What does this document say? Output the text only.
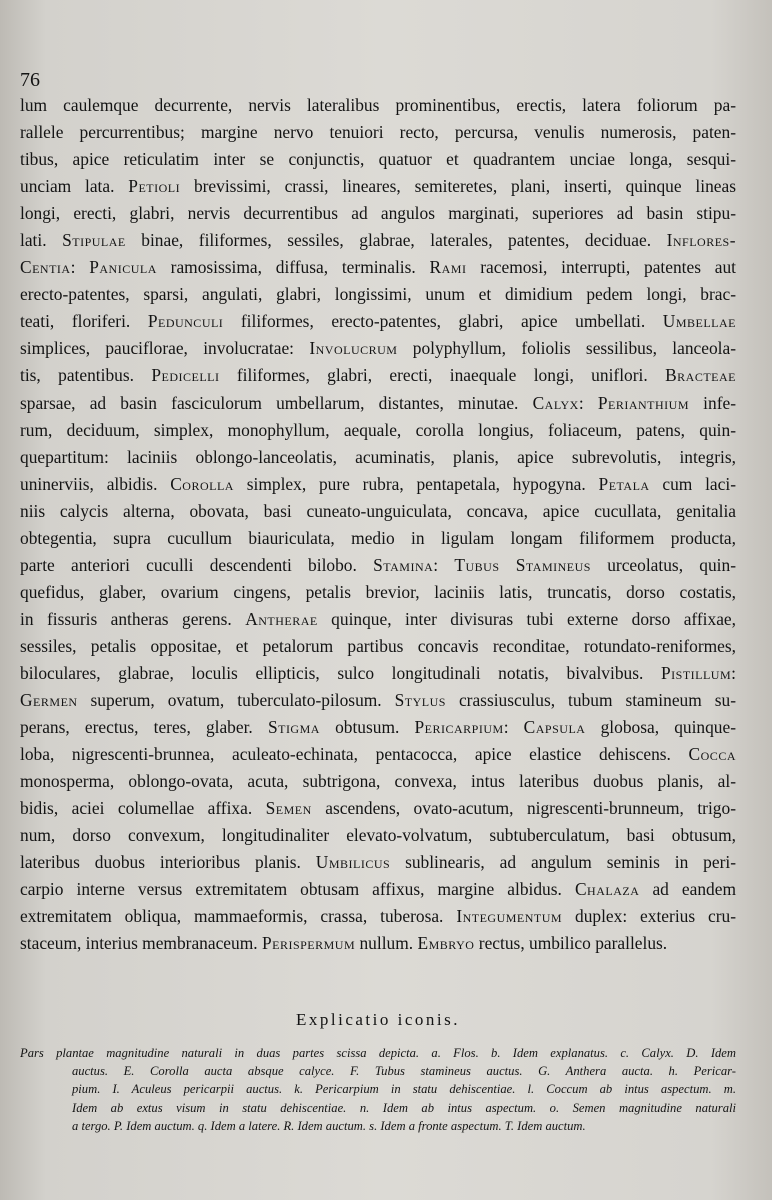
76
lum caulemque decurrente, nervis lateralibus prominentibus, erectis, latera foliorum pa-
rallele percurrentibus; margine nervo tenuiori recto, percursa, venulis numerosis, paten-
tibus, apice reticulatim inter se conjunctis, quatuor et quadrantem unciae longa, sesqui-
unciam lata. Petioli brevissimi, crassi, lineares, semiteretes, plani, inserti, quinque lineas
longi, erecti, glabri, nervis decurrentibus ad angulos marginati, superiores ad basin stipu-
lati. Stipulae binae, filiformes, sessiles, glabrae, laterales, patentes, deciduae. Inflores-
Centia: Panicula ramosissima, diffusa, terminalis. Rami racemosi, interrupti, patentes aut
erecto-patentes, sparsi, angulati, glabri, longissimi, unum et dimidium pedem longi, brac-
teati, floriferi. Pedunculi filiformes, erecto-patentes, glabri, apice umbellati. Umbellae
simplices, pauciflorae, involucratae: Involucrum polyphyllum, foliolis sessilibus, lanceola-
tis, patentibus. Pedicelli filiformes, glabri, erecti, inaequale longi, uniflori. Bracteae
sparsae, ad basin fasciculorum umbellarum, distantes, minutae. Calyx: Perianthium infe-
rum, deciduum, simplex, monophyllum, aequale, corolla longius, foliaceum, patens, quin-
quepartitum: laciniis oblongo-lanceolatis, acuminatis, planis, apice subrevolutis, integris,
uninerviis, albidis. Corolla simplex, pure rubra, pentapetala, hypogyna. Petala cum laci-
niis calycis alterna, obovata, basi cuneato-unguiculata, concava, apice cucullata, genitalia
obtegentia, supra cucullum biauriculata, medio in ligulam longam filiformem producta,
parte anteriori cuculli descendenti bilobo. Stamina: Tubus Stamineus urceolatus, quin-
quefidus, glaber, ovarium cingens, petalis brevior, laciniis latis, truncatis, dorso costatis,
in fissuris antheras gerens. Antherae quinque, inter divisuras tubi externe dorso affixae,
sessiles, petalis oppositae, et petalorum partibus concavis reconditae, rotundato-reniformes,
biloculares, glabrae, loculis ellipticis, sulco longitudinali notatis, bivalvibus. Pistillum:
Germen superum, ovatum, tuberculato-pilosum. Stylus crassiusculus, tubum stamineum su-
perans, erectus, teres, glaber. Stigma obtusum. Pericarpium: Capsula globosa, quinque-
loba, nigrescenti-brunnea, aculeato-echinata, pentacocca, apice elastice dehiscens. Cocca
monosperma, oblongo-ovata, acuta, subtrigona, convexa, intus lateribus duobus planis, al-
bidis, aciei columellae affixa. Semen ascendens, ovato-acutum, nigrescenti-brunneum, trigo-
num, dorso convexum, longitudinaliter elevato-volvatum, subtuberculatum, basi obtusum,
lateribus duobus interioribus planis. Umbilicus sublinearis, ad angulum seminis in peri-
carpio interne versus extremitatem obtusam affixus, margine albidus. Chalaza ad eandem
extremitatem obliqua, mammaeformis, crassa, tuberosa. Integumentum duplex: exterius cru-
staceum, interius membranaceum. Perispermum nullum. Embryo rectus, umbilico parallelus.
Explicatio iconis.
Pars plantae magnitudine naturali in duas partes scissa depicta. a. Flos. b. Idem explanatus. c. Calyx. D. Idem
auctus. E. Corolla aucta absque calyce. F. Tubus stamineus auctus. G. Anthera aucta. h. Pericar-
pium. I. Aculeus pericarpii auctus. k. Pericarpium in statu dehiscentiae. l. Coccum ab intus aspectum. m.
Idem ab extus visum in statu dehiscentiae. n. Idem ab intus aspectum. o. Semen magnitudine naturali
a tergo. P. Idem auctum. q. Idem a latere. R. Idem auctum. s. Idem a fronte aspectum. T. Idem auctum.
